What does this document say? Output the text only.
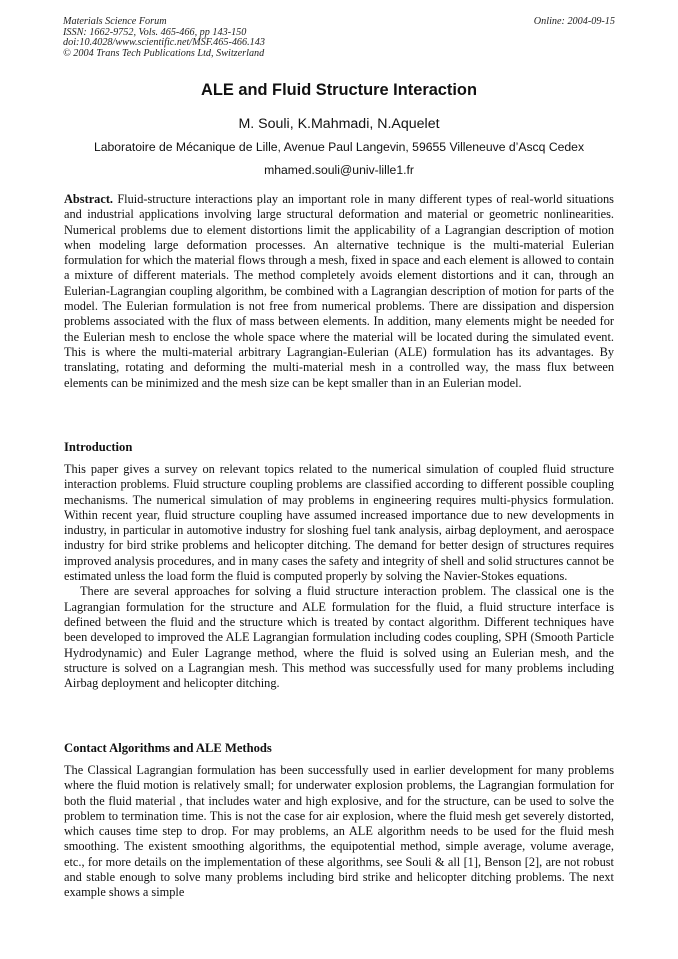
Materials Science Forum
ISSN: 1662-9752, Vols. 465-466, pp 143-150
doi:10.4028/www.scientific.net/MSF.465-466.143
© 2004 Trans Tech Publications Ltd, Switzerland
Online: 2004-09-15
ALE and Fluid Structure Interaction
M. Souli, K.Mahmadi, N.Aquelet
Laboratoire de Mécanique de Lille, Avenue Paul Langevin, 59655 Villeneuve d’Ascq Cedex
mhamed.souli@univ-lille1.fr

Abstract. Fluid-structure interactions play an important role in many different types of real-world situations and industrial applications involving large structural deformation and material or geometric nonlinearities. Numerical problems due to element distortions limit the applicability of a Lagrangian description of motion when modeling large deformation processes. An alternative technique is the multi-material Eulerian formulation for which the material flows through a mesh, fixed in space and each element is allowed to contain a mixture of different materials. The method completely avoids element distortions and it can, through an Eulerian-Lagrangian coupling algorithm, be combined with a Lagrangian description of motion for parts of the model. The Eulerian formulation is not free from numerical problems. There are dissipation and dispersion problems associated with the flux of mass between elements. In addition, many elements might be needed for the Eulerian mesh to enclose the whole space where the material will be located during the simulated event. This is where the multi-material arbitrary Lagrangian-Eulerian (ALE) formulation has its advantages. By translating, rotating and deforming the multi-material mesh in a controlled way, the mass flux between elements can be minimized and the mesh size can be kept smaller than in an Eulerian model.

Introduction

This paper gives a survey on relevant topics related to the numerical simulation of coupled fluid structure interaction problems. Fluid structure coupling problems are classified according to different possible coupling mechanisms. The numerical simulation of may problems in engineering requires multi-physics formulation. Within recent year, fluid structure coupling have assumed increased importance due to new developments in industry, in particular in automotive industry for sloshing fuel tank analysis, airbag deployment, and aerospace industry for bird strike problems and helicopter ditching. The demand for better design of structures requires improved analysis procedures, and in many cases the safety and integrity of shell and solid structures cannot be estimated unless the load form the fluid is computed properly by solving the Navier-Stokes equations.

There are several approaches for solving a fluid structure interaction problem. The classical one is the Lagrangian formulation for the structure and ALE formulation for the fluid, a fluid structure interface is defined between the fluid and the structure which is treated by contact algorithm. Different techniques have been developed to improved the ALE Lagrangian formulation including codes coupling, SPH (Smooth Particle Hydrodynamic) and Euler Lagrange method, where the fluid is solved using an Eulerian mesh, and the structure is solved on a Lagrangian mesh. This method was successfully used for many problems including Airbag deployment and helicopter ditching.

Contact Algorithms and ALE Methods

The Classical Lagrangian formulation has been successfully used in earlier development for many problems where the fluid motion is relatively small; for underwater explosion problems, the Lagrangian formulation for both the fluid material , that includes water and high explosive, and for the structure, can be used to solve the problem to termination time. This is not the case for air explosion, where the fluid mesh get severely distorted, which causes time step to drop. For may problems, an ALE algorithm needs to be used for the fluid mesh smoothing. The existent smoothing algorithms, the equipotential method, simple average, volume average, etc., for more details on the implementation of these algorithms, see Souli & all [1], Benson [2], are not robust and stable enough to solve many problems including bird strike and helicopter ditching problems. The next example shows a simple
